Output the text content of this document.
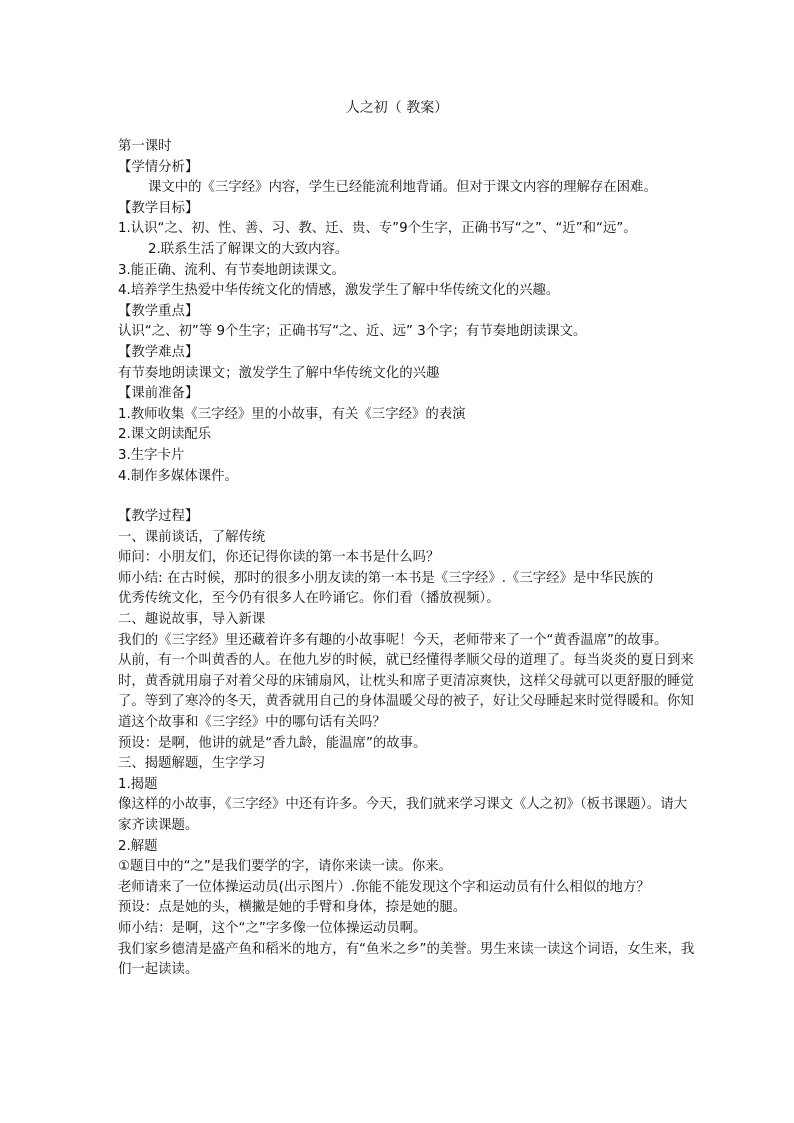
人之初（ 教案）

第一课时

【学情分析】

课文中的《三字经》内容，学生已经能流利地背诵。但对于课文内容的理解存在困难。

【教学目标】

1.认识“之、初、性、善、习、教、迁、贵、专”9个生字，正确书写“之”、“近”和“远”。

2.联系生活了解课文的大致内容。

3.能正确、流利、有节奏地朗读课文。

4.培养学生热爱中华传统文化的情感，激发学生了解中华传统文化的兴趣。

【教学重点】

认识“之、初”等 9个生字；正确书写“之、近、远” 3个字；有节奏地朗读课文。

【教学难点】

有节奏地朗读课文；激发学生了解中华传统文化的兴趣

【课前准备】

1.教师收集《三字经》里的小故事，有关《三字经》的表演

2.课文朗读配乐

3.生字卡片

4.制作多媒体课件。

【教学过程】

一、课前谈话，了解传统

师问：小朋友们，你还记得你读的第一本书是什么吗？

师小结: 在古时候，那时的很多小朋友读的第一本书是《三字经》.《三字经》是中华民族的

优秀传统文化，至今仍有很多人在吟诵它。你们看（播放视频）。

二、趣说故事，导入新课

我们的《三字经》里还藏着许多有趣的小故事呢！今天，老师带来了一个“黄香温席”的故事。

从前，有一个叫黄香的人。在他九岁的时候，就已经懂得孝顺父母的道理了。每当炎炎的夏日到来时，黄香就用扇子对着父母的床铺扇风，让枕头和席子更清凉爽快，这样父母就可以更舒服的睡觉了。等到了寒冷的冬天，黄香就用自己的身体温暖父母的被子，好让父母睡起来时觉得暖和。你知道这个故事和《三字经》中的哪句话有关吗？

预设：是啊，他讲的就是“香九龄，能温席”的故事。

三、揭题解题，生字学习

1.揭题

像这样的小故事，《三字经》中还有许多。今天，我们就来学习课文《人之初》（板书课题）。请大家齐读课题。

2.解题

①题目中的“之”是我们要学的字，请你来读一读。你来。

老师请来了一位体操运动员(出示图片）.你能不能发现这个字和运动员有什么相似的地方？

预设：点是她的头，横撇是她的手臂和身体，捺是她的腿。

师小结：是啊，这个“之”字多像一位体操运动员啊。

我们家乡德清是盛产鱼和稻米的地方，有“鱼米之乡”的美誉。男生来读一读这个词语，女生来，我们一起读读。
